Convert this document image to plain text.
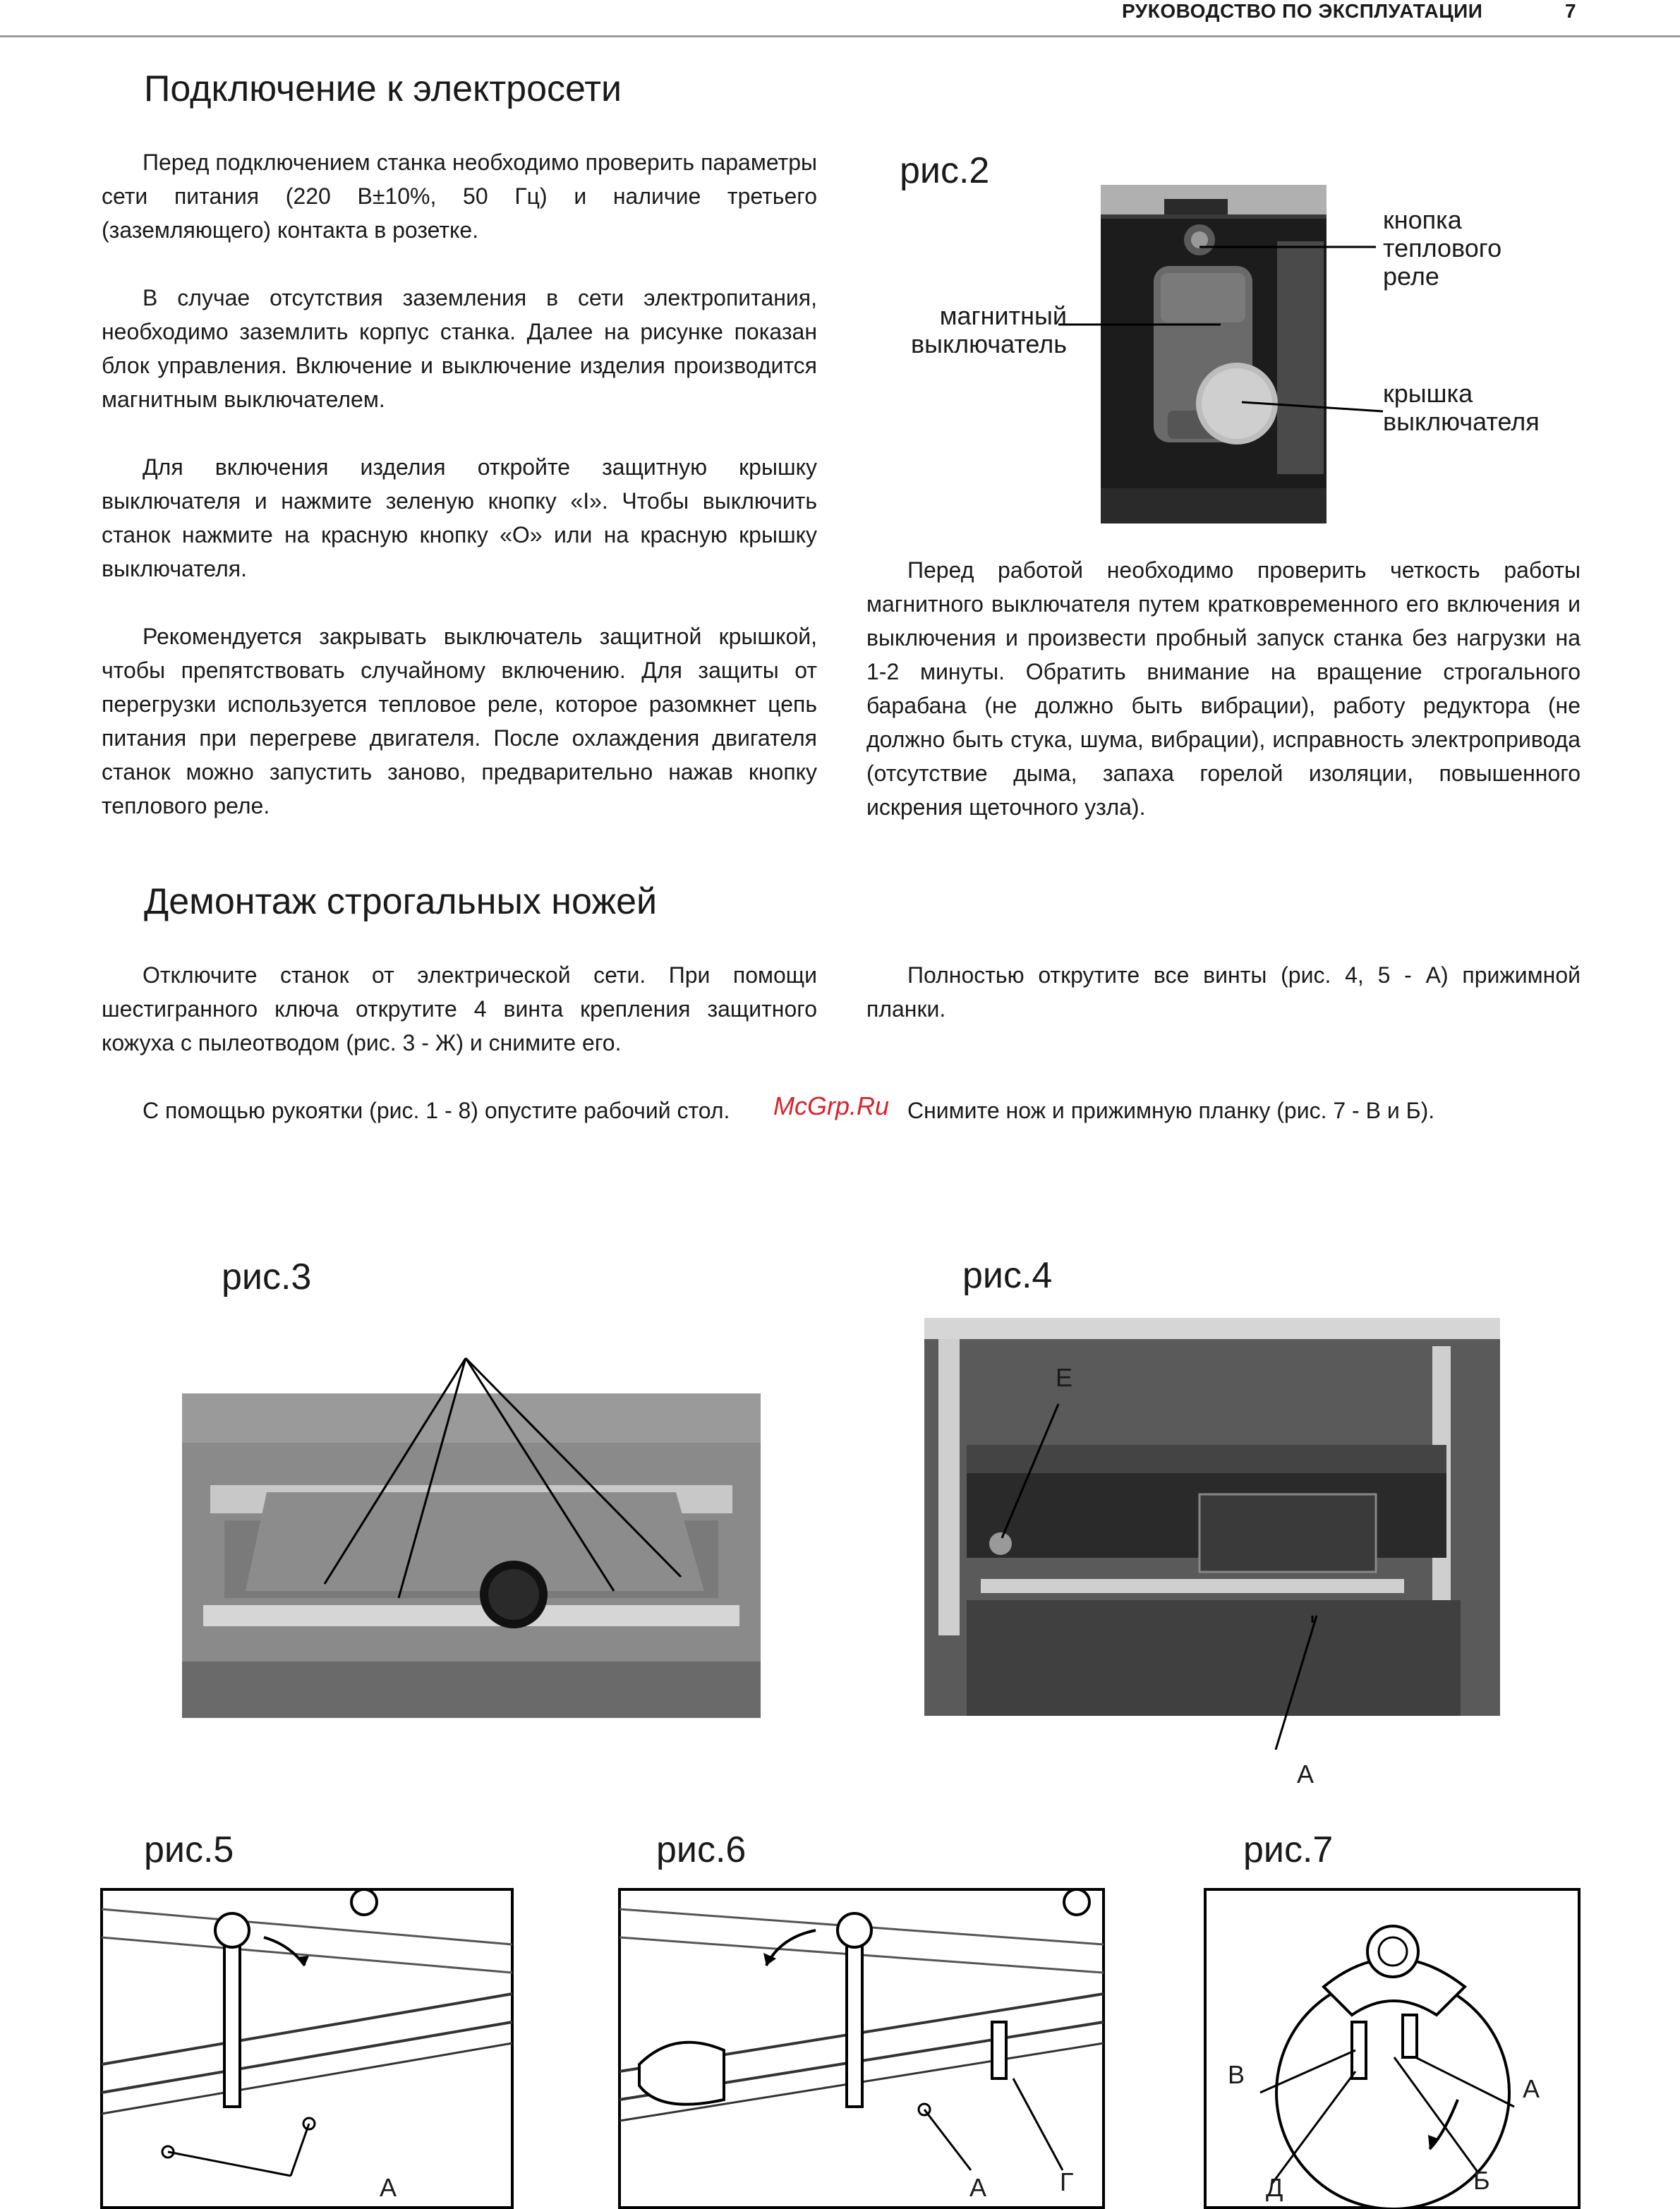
РУКОВОДСТВО ПО ЭКСПЛУАТАЦИИ	7
Подключение к электросети

Перед подключением станка необходимо проверить параметры сети питания (220 В±10%, 50 Гц) и наличие третьего (заземляющего) контакта в розетке.

В случае отсутствия заземления в сети электропитания, необходимо заземлить корпус станка. Далее на рисунке показан блок управления. Включение и выключение изделия производится магнитным выключателем.

Для включения изделия откройте защитную крышку выключателя и нажмите зеленую кнопку «I». Чтобы выключить станок нажмите на красную кнопку «O» или на красную крышку выключателя.

Рекомендуется закрывать выключатель защитной крышкой, чтобы препятствовать случайному включению. Для защиты от перегрузки используется тепловое реле, которое разомкнет цепь питания при перегреве двигателя. После охлаждения двигателя станок можно запустить заново, предварительно нажав кнопку теплового реле.

рис.2
кнопка теплового реле
магнитный выключатель
крышка выключателя

Перед работой необходимо проверить четкость работы магнитного выключателя путем кратковременного его включения и выключения и произвести пробный запуск станка без нагрузки на 1-2 минуты. Обратить внимание на вращение строгального барабана (не должно быть вибрации), работу редуктора (не должно быть стука, шума, вибрации), исправность электропривода (отсутствие дыма, запаха горелой изоляции, повышенного искрения щеточного узла).

Демонтаж строгальных ножей

Отключите станок от электрической сети. При помощи шестигранного ключа открутите 4 винта крепления защитного кожуха с пылеотводом (рис. 3 - Ж) и снимите его.

С помощью рукоятки (рис. 1 - 8) опустите рабочий стол.

Полностью открутите все винты (рис. 4, 5 - А) прижимной планки.

Снимите нож и прижимную планку (рис. 7 - В и Б).

McGrp.Ru
рис.3	рис.4
Е
А
рис.5
А
рис.6
А	Г
рис.7
В	А
Д	Б
